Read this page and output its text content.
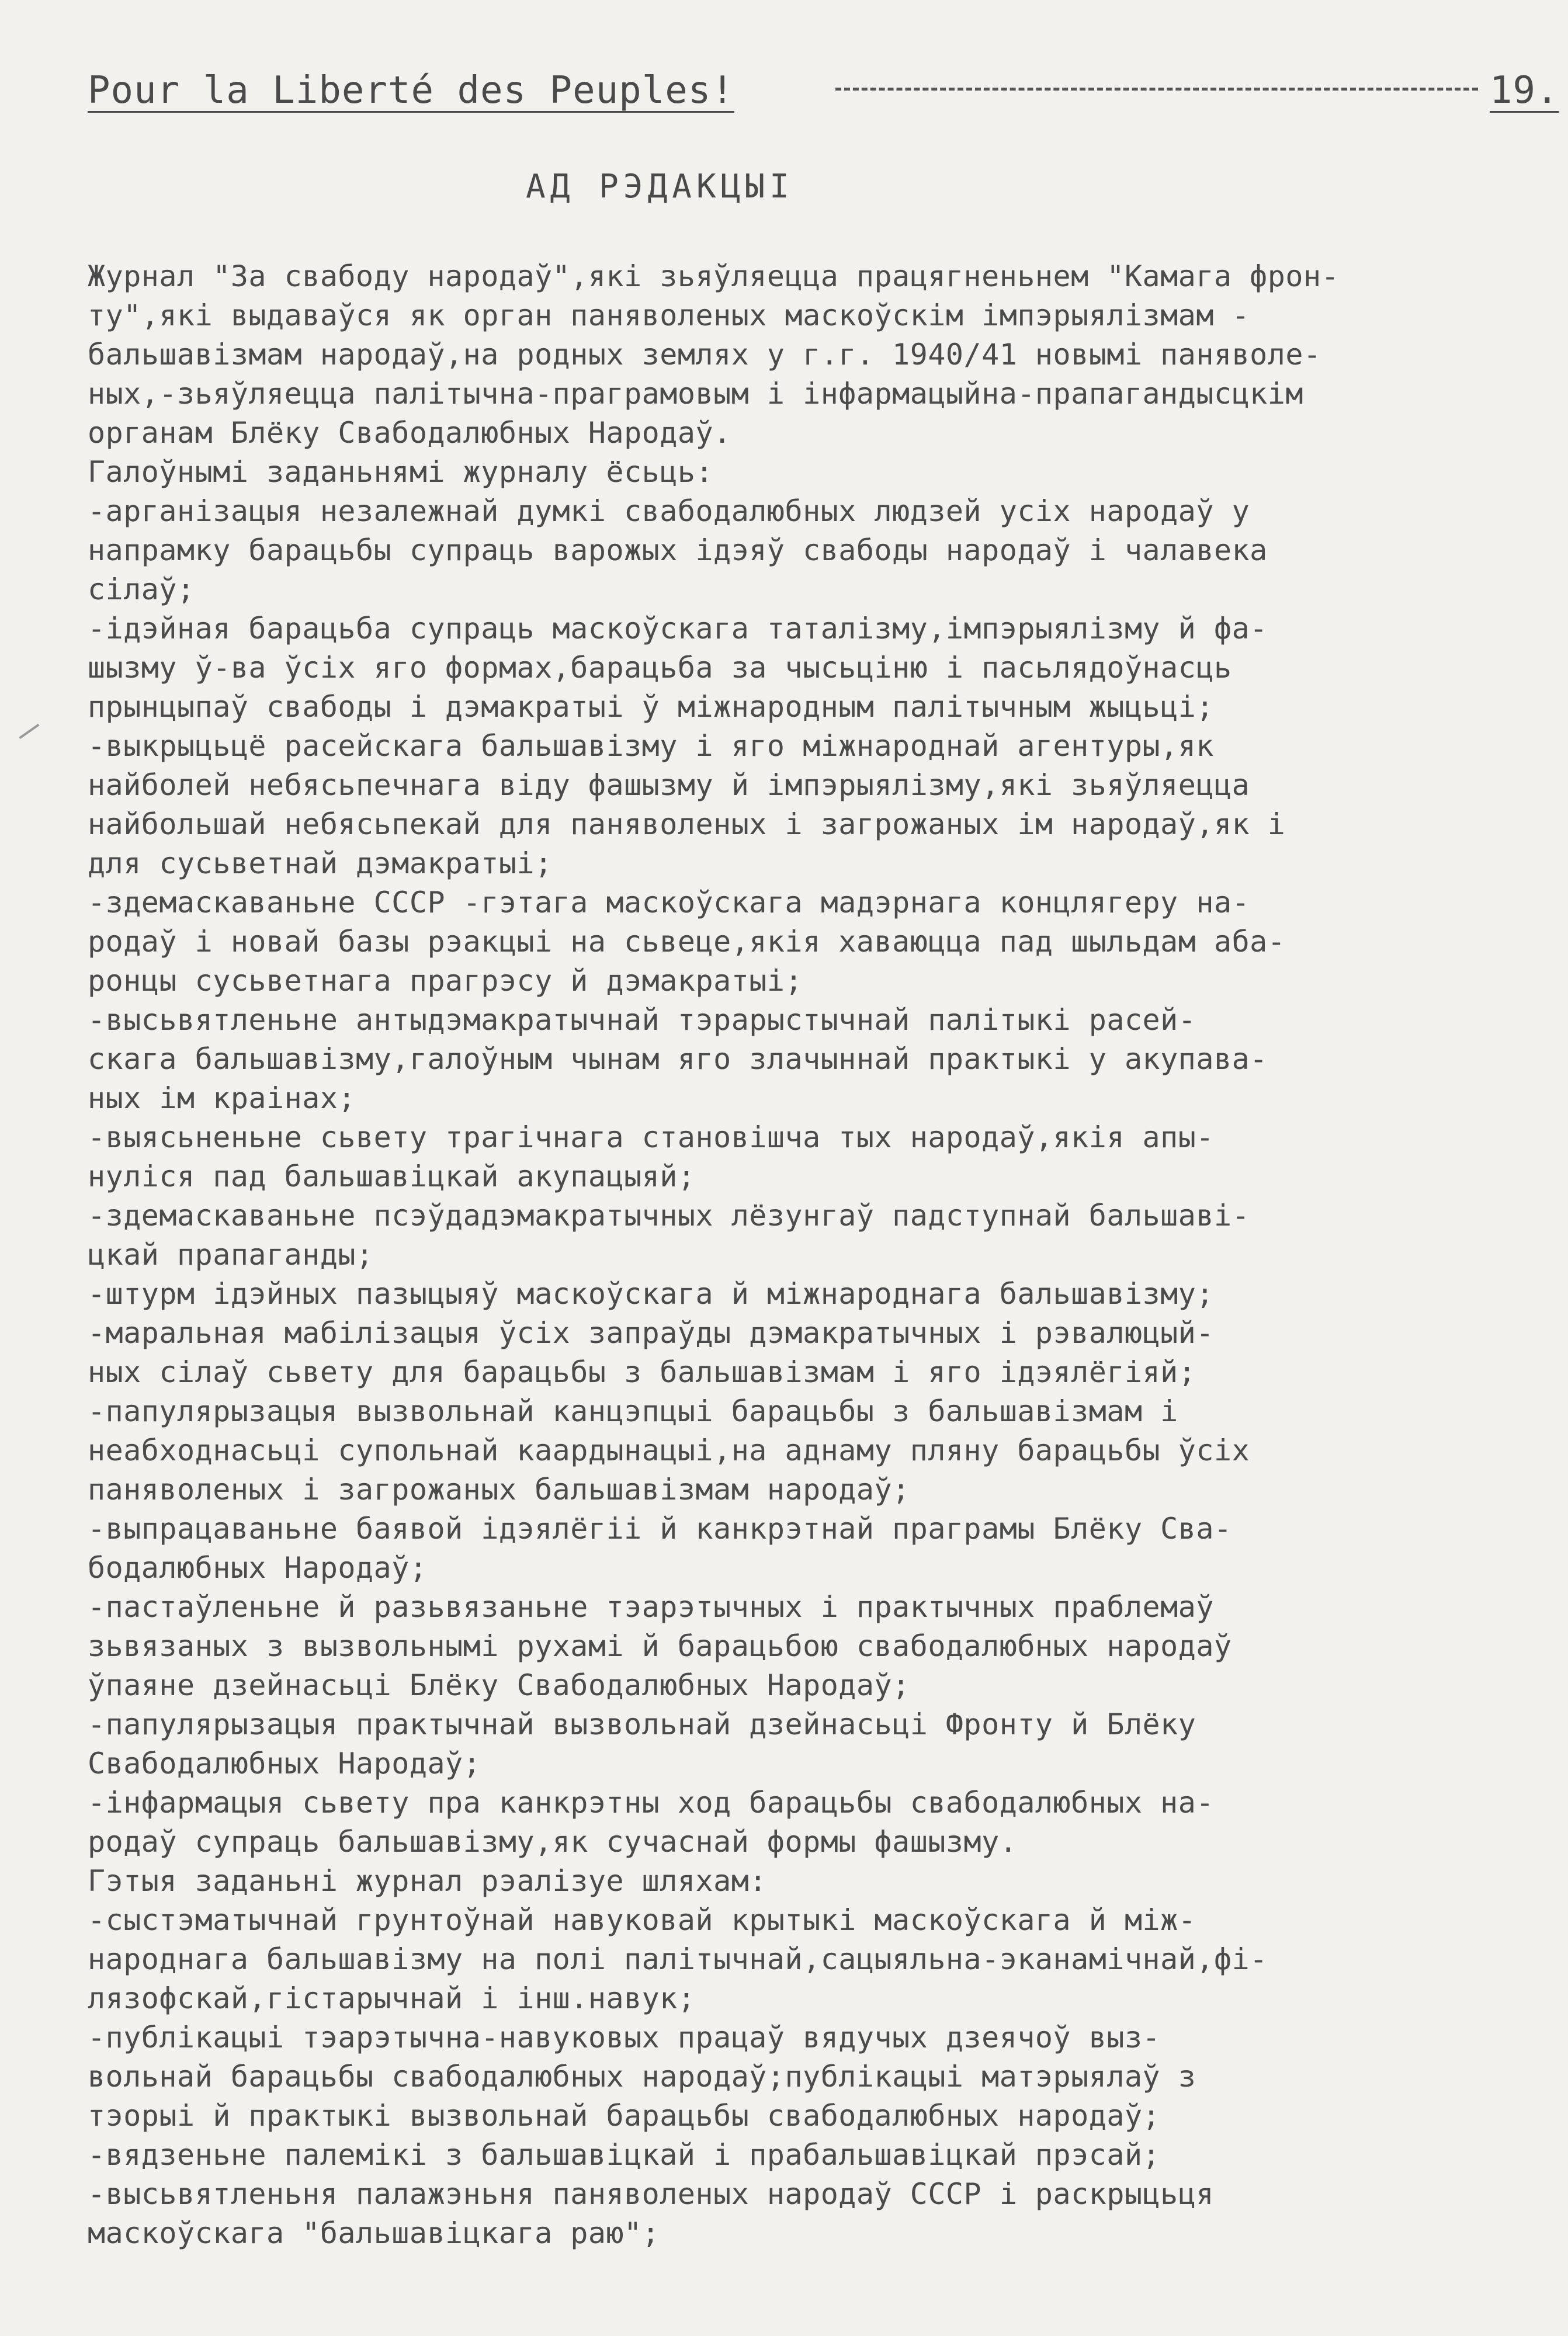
Pour la Liberté des Peuples!	19.
АД РЭДАКЦЫІ
Журнал "За свабоду народаў",які зьяўляецца працягненьнем "Камага фрон-
ту",які выдаваўся як орган паняволеных маскоўскім імпэрыялізмам -
бальшавізмам народаў,на родных землях у г.г. 1940/41 новымі паняволе-
ных,-зьяўляецца палітычна-праграмовым і інфармацыйна-прапагандысцкім
органам Блёку Свабодалюбных Народаў.
Галоўнымі заданьнямі журналу ёсьць:
-арганізацыя незалежнай думкі свабодалюбных людзей усіх народаў у
напрамку барацьбы супраць варожых ідэяў свабоды народаў і чалавека
сілаў;
-ідэйная барацьба супраць маскоўскага таталізму,імпэрыялізму й фа-
шызму ў-ва ўсіх яго формах,барацьба за чысьціню і пасьлядоўнасць
прынцыпаў свабоды і дэмакратыі ў міжнародным палітычным жыцьці;
-выкрыцьцё расейскага бальшавізму і яго міжнароднай агентуры,як
найболей небясьпечнага віду фашызму й імпэрыялізму,які зьяўляецца
найбольшай небясьпекай для паняволеных і загрожаных ім народаў,як і
для сусьветнай дэмакратыі;
-здемаскаваньне СССР -гэтага маскоўскага мадэрнага концлягеру на-
родаў і новай базы рэакцыі на сьвеце,якія хаваюцца пад шыльдам аба-
ронцы сусьветнага прагрэсу й дэмакратыі;
-высьвятленьне антыдэмакратычнай тэрарыстычнай палітыкі расей-
скага бальшавізму,галоўным чынам яго злачыннай практыкі у акупава-
ных ім краінах;
-выясьненьне сьвету трагічнага становішча тых народаў,якія апы-
нуліся пад бальшавіцкай акупацыяй;
-здемаскаваньне псэўдадэмакратычных лёзунгаў падступнай бальшаві-
цкай прапаганды;
-штурм ідэйных пазыцыяў маскоўскага й міжнароднага бальшавізму;
-маральная мабілізацыя ўсіх запраўды дэмакратычных і рэвалюцый-
ных сілаў сьвету для барацьбы з бальшавізмам і яго ідэялёгіяй;
-папулярызацыя вызвольнай канцэпцыі барацьбы з бальшавізмам і
неабходнасьці супольнай каардынацыі,на аднаму пляну барацьбы ўсіх
паняволеных і загрожаных бальшавізмам народаў;
-выпрацаваньне баявой ідэялёгіі й канкрэтнай праграмы Блёку Сва-
бодалюбных Народаў;
-пастаўленьне й разьвязаньне тэарэтычных і практычных праблемаў
зьвязаных з вызвольнымі рухамі й барацьбою свабодалюбных народаў
ўпаяне дзейнасьці Блёку Свабодалюбных Народаў;
-папулярызацыя практычнай вызвольнай дзейнасьці Фронту й Блёку
Свабодалюбных Народаў;
-інфармацыя сьвету пра канкрэтны ход барацьбы свабодалюбных на-
родаў супраць бальшавізму,як сучаснай формы фашызму.
Гэтыя заданьні журнал рэалізуе шляхам:
-сыстэматычнай грунтоўнай навуковай крытыкі маскоўскага й між-
народнага бальшавізму на полі палітычнай,сацыяльна-эканамічнай,фі-
лязофскай,гістарычнай і інш.навук;
-публікацыі тэарэтычна-навуковых працаў вядучых дзеячоў выз-
вольнай барацьбы свабодалюбных народаў;публікацыі матэрыялаў з
тэорыі й практыкі вызвольнай барацьбы свабодалюбных народаў;
-вядзеньне палемікі з бальшавіцкай і прабальшавіцкай прэсай;
-высьвятленьня палажэньня паняволеных народаў СССР і раскрыцьця
маскоўскага "бальшавіцкага раю";
